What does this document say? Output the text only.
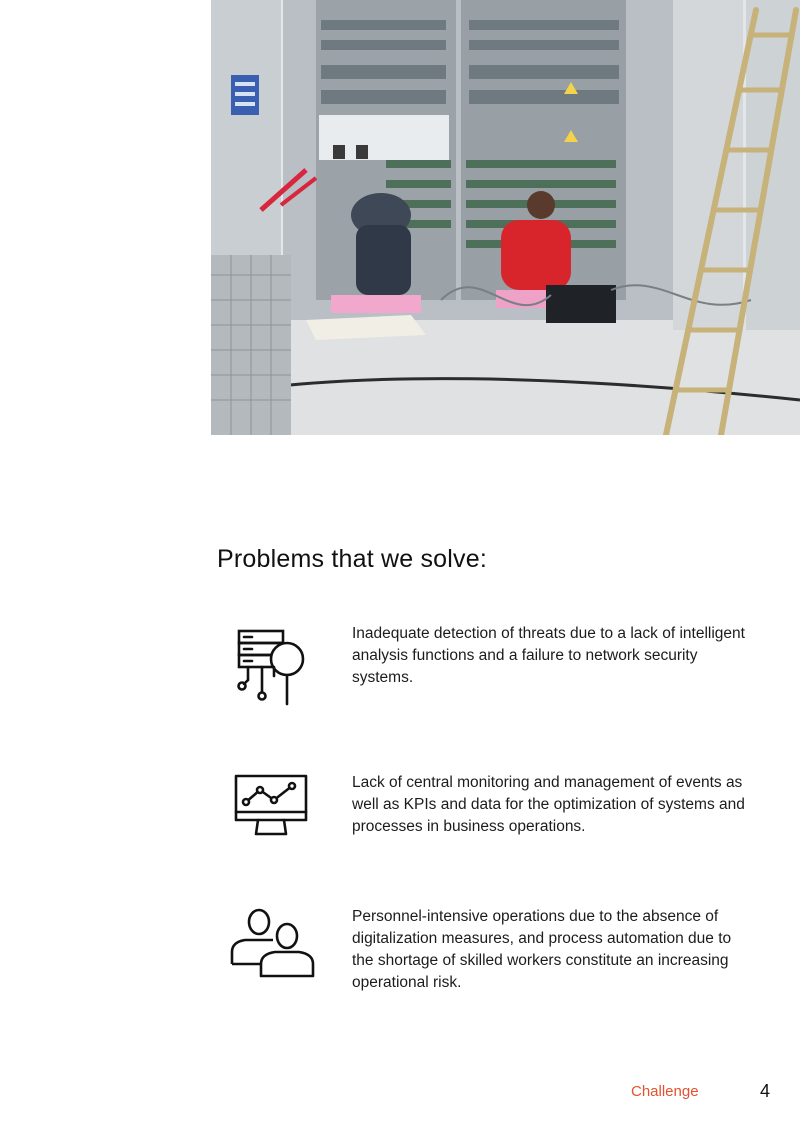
Problems that we solve:

Inadequate detection of threats due to a lack of intelligent analysis functions and a failure to network security systems.

Lack of central monitoring and management of events as well as KPIs and data for the optimization of systems and processes in business operations.

Personnel-intensive operations due to the absence of digitalization measures, and process automation due to the shortage of skilled workers constitute an increasing operational risk.

Challenge	4
